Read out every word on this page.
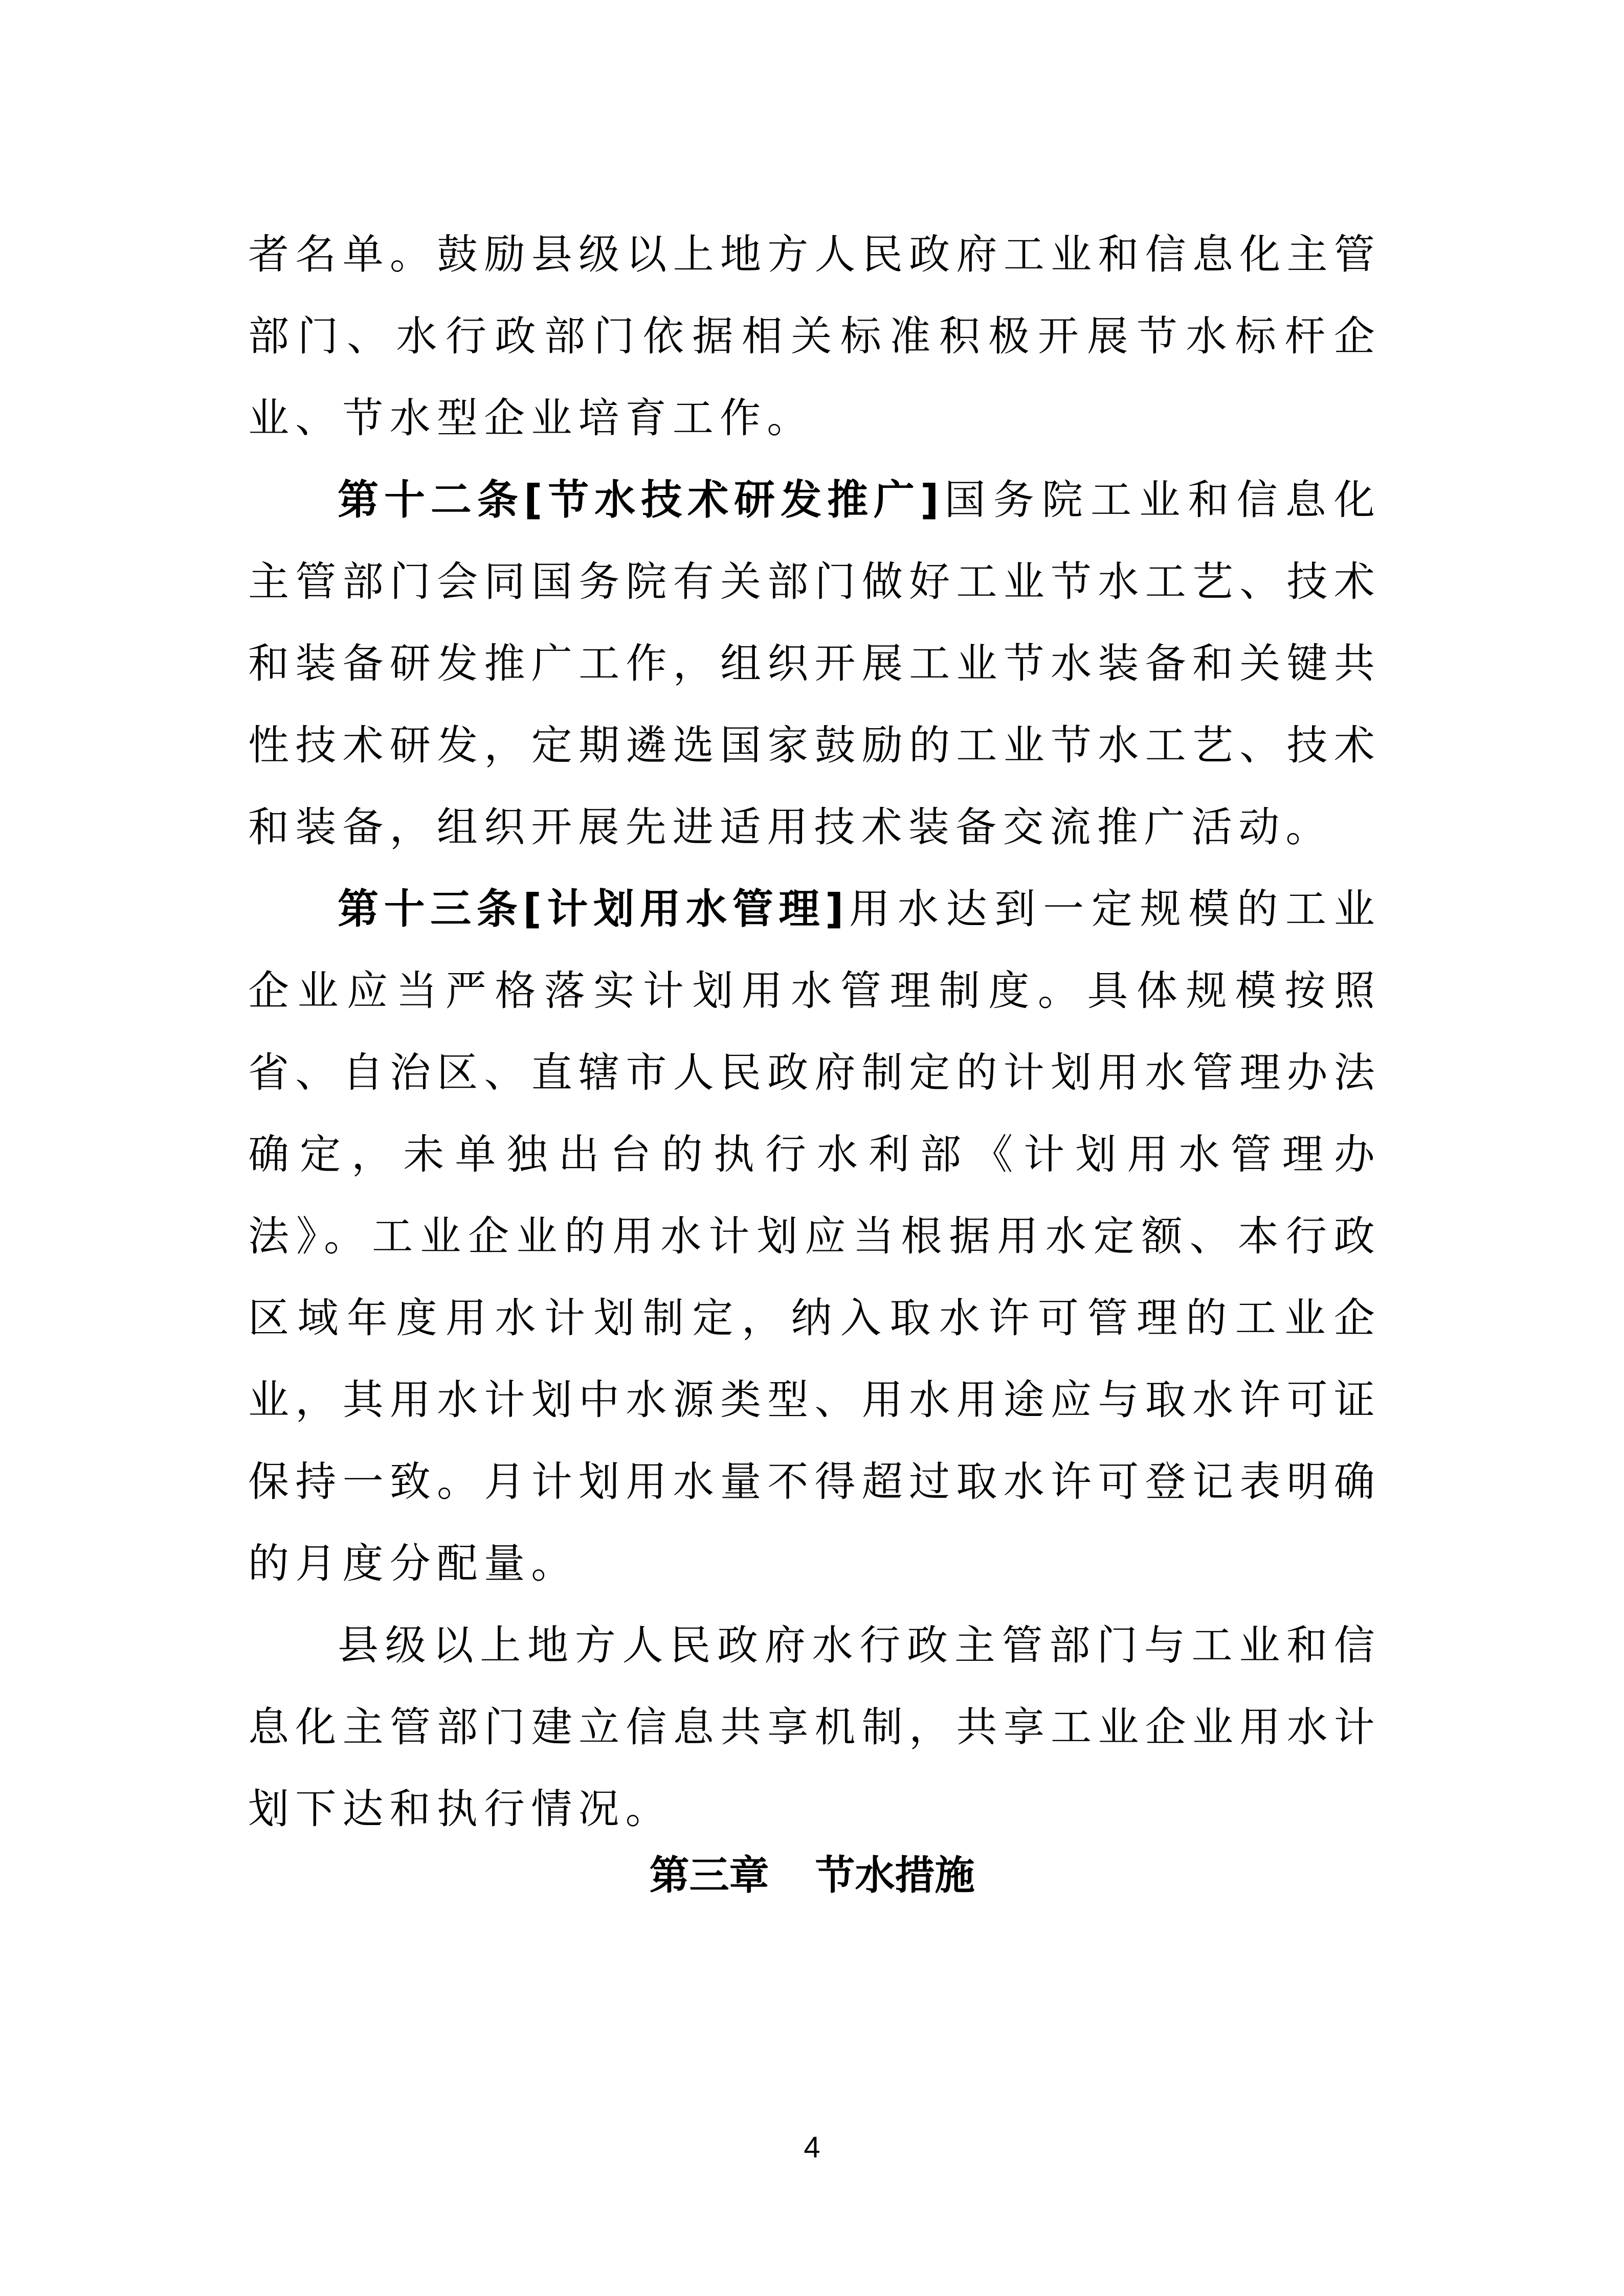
者名单。鼓励县级以上地方人民政府工业和信息化主管部门、水行政部门依据相关标准积极开展节水标杆企业、节水型企业培育工作。

第十二条[节水技术研发推广]国务院工业和信息化主管部门会同国务院有关部门做好工业节水工艺、技术和装备研发推广工作，组织开展工业节水装备和关键共性技术研发，定期遴选国家鼓励的工业节水工艺、技术和装备，组织开展先进适用技术装备交流推广活动。

第十三条[计划用水管理]用水达到一定规模的工业企业应当严格落实计划用水管理制度。具体规模按照省、自治区、直辖市人民政府制定的计划用水管理办法确定，未单独出台的执行水利部《计划用水管理办法》。工业企业的用水计划应当根据用水定额、本行政区域年度用水计划制定，纳入取水许可管理的工业企业，其用水计划中水源类型、用水用途应与取水许可证保持一致。月计划用水量不得超过取水许可登记表明确的月度分配量。

县级以上地方人民政府水行政主管部门与工业和信息化主管部门建立信息共享机制，共享工业企业用水计划下达和执行情况。

第三章 节水措施
4
